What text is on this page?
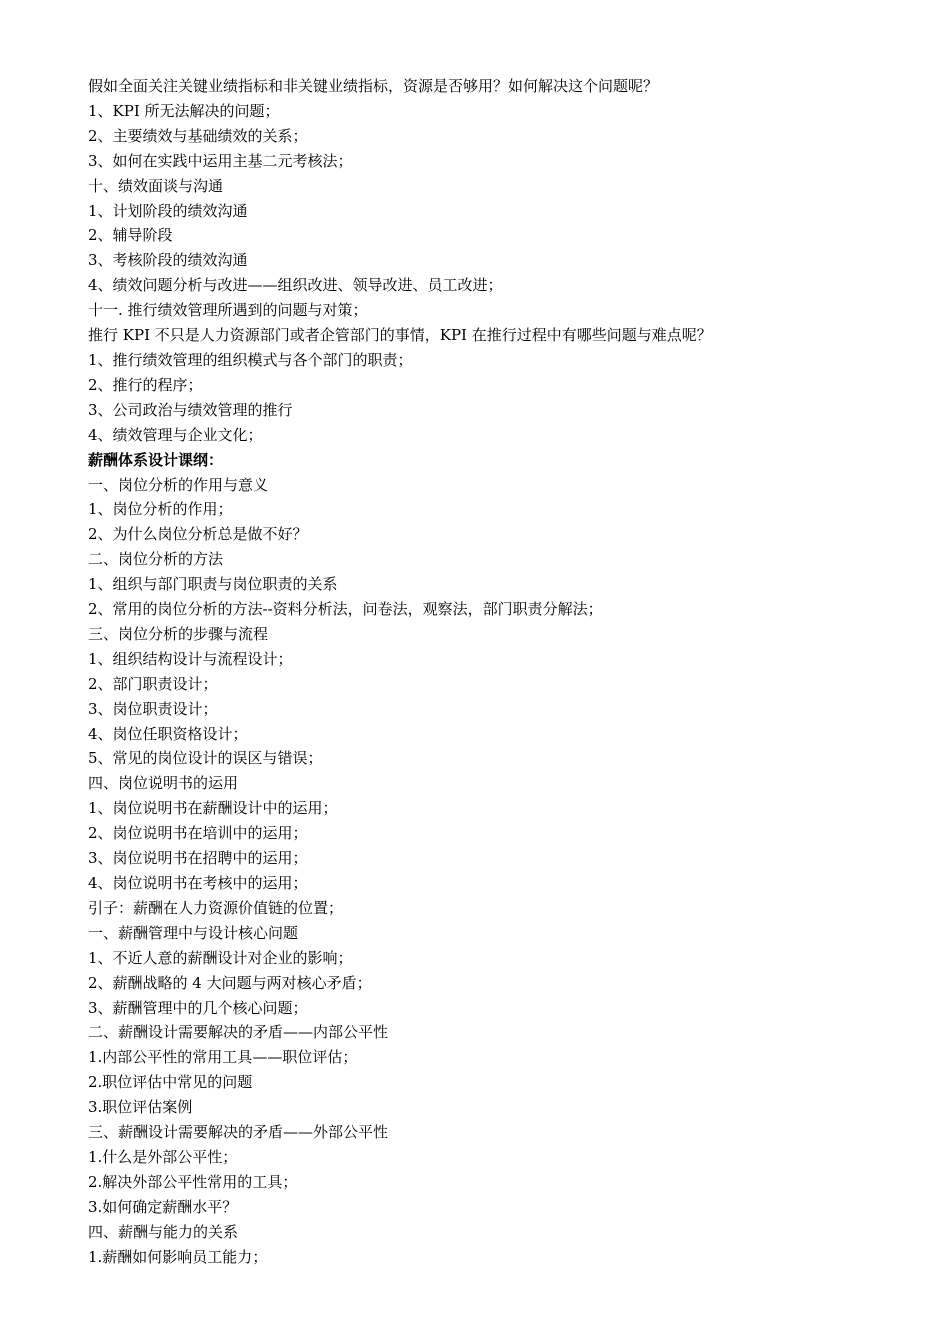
假如全面关注关键业绩指标和非关键业绩指标，资源是否够用？如何解决这个问题呢？
1、KPI 所无法解决的问题；
2、主要绩效与基础绩效的关系；
3、如何在实践中运用主基二元考核法；
十、绩效面谈与沟通
1、计划阶段的绩效沟通
2、辅导阶段
3、考核阶段的绩效沟通
4、绩效问题分析与改进——组织改进、领导改进、员工改进；
十一. 推行绩效管理所遇到的问题与对策；
推行 KPI 不只是人力资源部门或者企管部门的事情，KPI 在推行过程中有哪些问题与难点呢？
1、推行绩效管理的组织模式与各个部门的职责；
2、推行的程序；
3、公司政治与绩效管理的推行
4、绩效管理与企业文化；
薪酬体系设计课纲：
一、岗位分析的作用与意义
1、岗位分析的作用；
2、为什么岗位分析总是做不好？
二、岗位分析的方法
1、组织与部门职责与岗位职责的关系
2、常用的岗位分析的方法--资料分析法，问卷法，观察法，部门职责分解法；
三、岗位分析的步骤与流程
1、组织结构设计与流程设计；
2、部门职责设计；
3、岗位职责设计；
4、岗位任职资格设计；
5、常见的岗位设计的误区与错误；
四、岗位说明书的运用
1、岗位说明书在薪酬设计中的运用；
2、岗位说明书在培训中的运用；
3、岗位说明书在招聘中的运用；
4、岗位说明书在考核中的运用；
引子：薪酬在人力资源价值链的位置；
一、薪酬管理中与设计核心问题
1、不近人意的薪酬设计对企业的影响；
2、薪酬战略的 4 大问题与两对核心矛盾；
3、薪酬管理中的几个核心问题；
二、薪酬设计需要解决的矛盾——内部公平性
1.内部公平性的常用工具——职位评估；
2.职位评估中常见的问题
3.职位评估案例
三、薪酬设计需要解决的矛盾——外部公平性
1.什么是外部公平性；
2.解决外部公平性常用的工具；
3.如何确定薪酬水平？
四、薪酬与能力的关系
1.薪酬如何影响员工能力；
